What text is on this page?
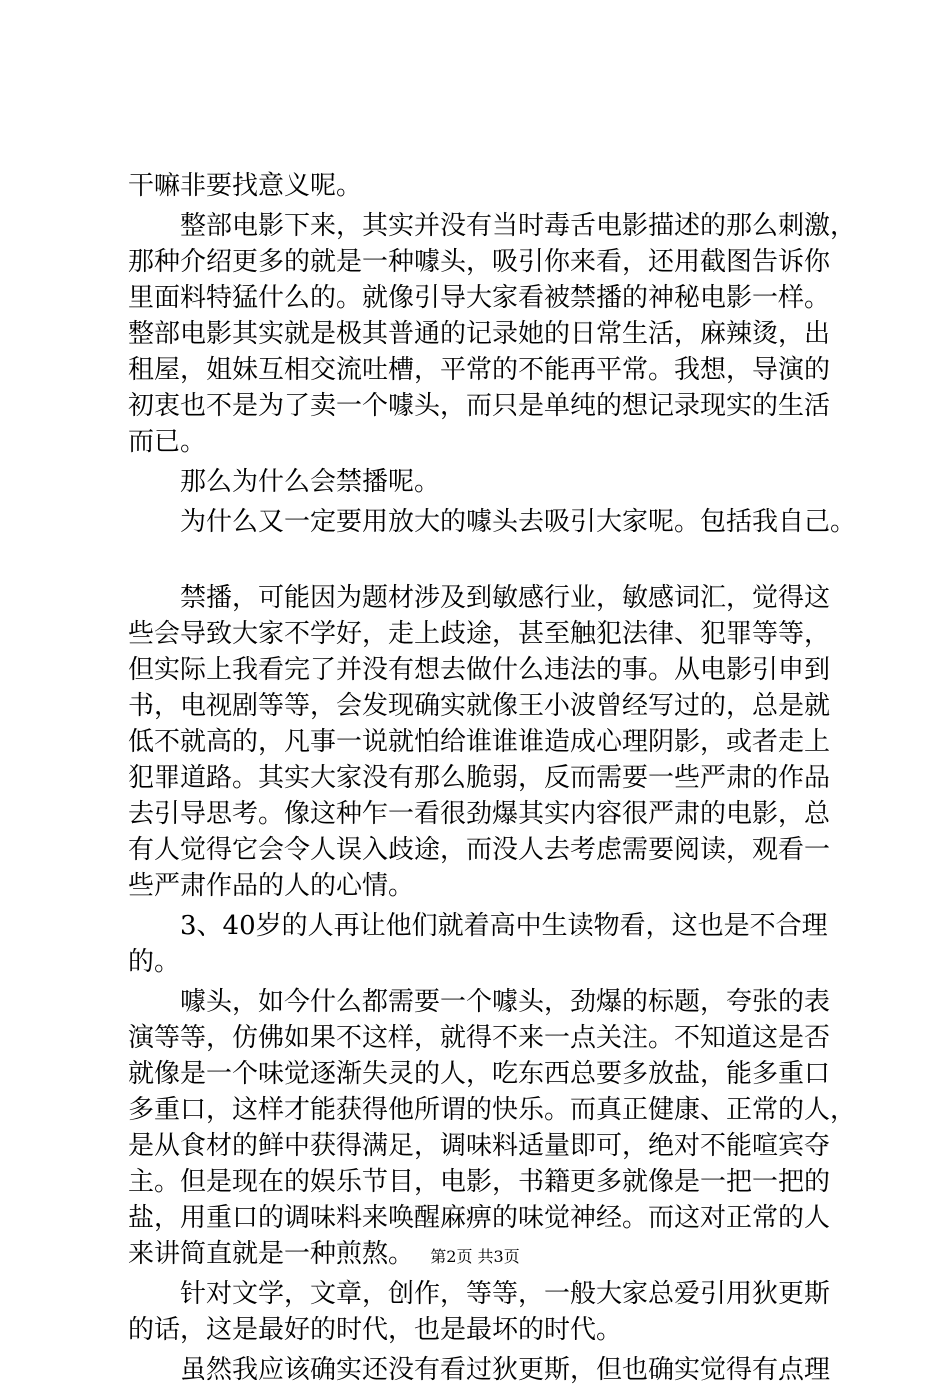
干嘛非要找意义呢。
　　整部电影下来，其实并没有当时毒舌电影描述的那么刺激，
那种介绍更多的就是一种噱头，吸引你来看，还用截图告诉你
里面料特猛什么的。就像引导大家看被禁播的神秘电影一样。
整部电影其实就是极其普通的记录她的日常生活，麻辣烫，出
租屋，姐妹互相交流吐槽，平常的不能再平常。我想，导演的
初衷也不是为了卖一个噱头，而只是单纯的想记录现实的生活
而已。
　　那么为什么会禁播呢。
　　为什么又一定要用放大的噱头去吸引大家呢。包括我自己。
　　禁播，可能因为题材涉及到敏感行业，敏感词汇，觉得这
些会导致大家不学好，走上歧途，甚至触犯法律、犯罪等等，
但实际上我看完了并没有想去做什么违法的事。从电影引申到
书，电视剧等等，会发现确实就像王小波曾经写过的，总是就
低不就高的，凡事一说就怕给谁谁谁造成心理阴影，或者走上
犯罪道路。其实大家没有那么脆弱，反而需要一些严肃的作品
去引导思考。像这种乍一看很劲爆其实内容很严肃的电影，总
有人觉得它会令人误入歧途，而没人去考虑需要阅读，观看一
些严肃作品的人的心情。
　　3、40岁的人再让他们就着高中生读物看，这也是不合理
的。
　　噱头，如今什么都需要一个噱头，劲爆的标题，夸张的表
演等等，仿佛如果不这样，就得不来一点关注。不知道这是否
就像是一个味觉逐渐失灵的人，吃东西总要多放盐，能多重口
多重口，这样才能获得他所谓的快乐。而真正健康、正常的人，
是从食材的鲜中获得满足，调味料适量即可，绝对不能喧宾夺
主。但是现在的娱乐节目，电影，书籍更多就像是一把一把的
盐，用重口的调味料来唤醒麻痹的味觉神经。而这对正常的人
来讲简直就是一种煎熬。
　　针对文学，文章，创作，等等，一般大家总爱引用狄更斯
的话，这是最好的时代，也是最坏的时代。
　　虽然我应该确实还没有看过狄更斯，但也确实觉得有点理
第2页 共3页
